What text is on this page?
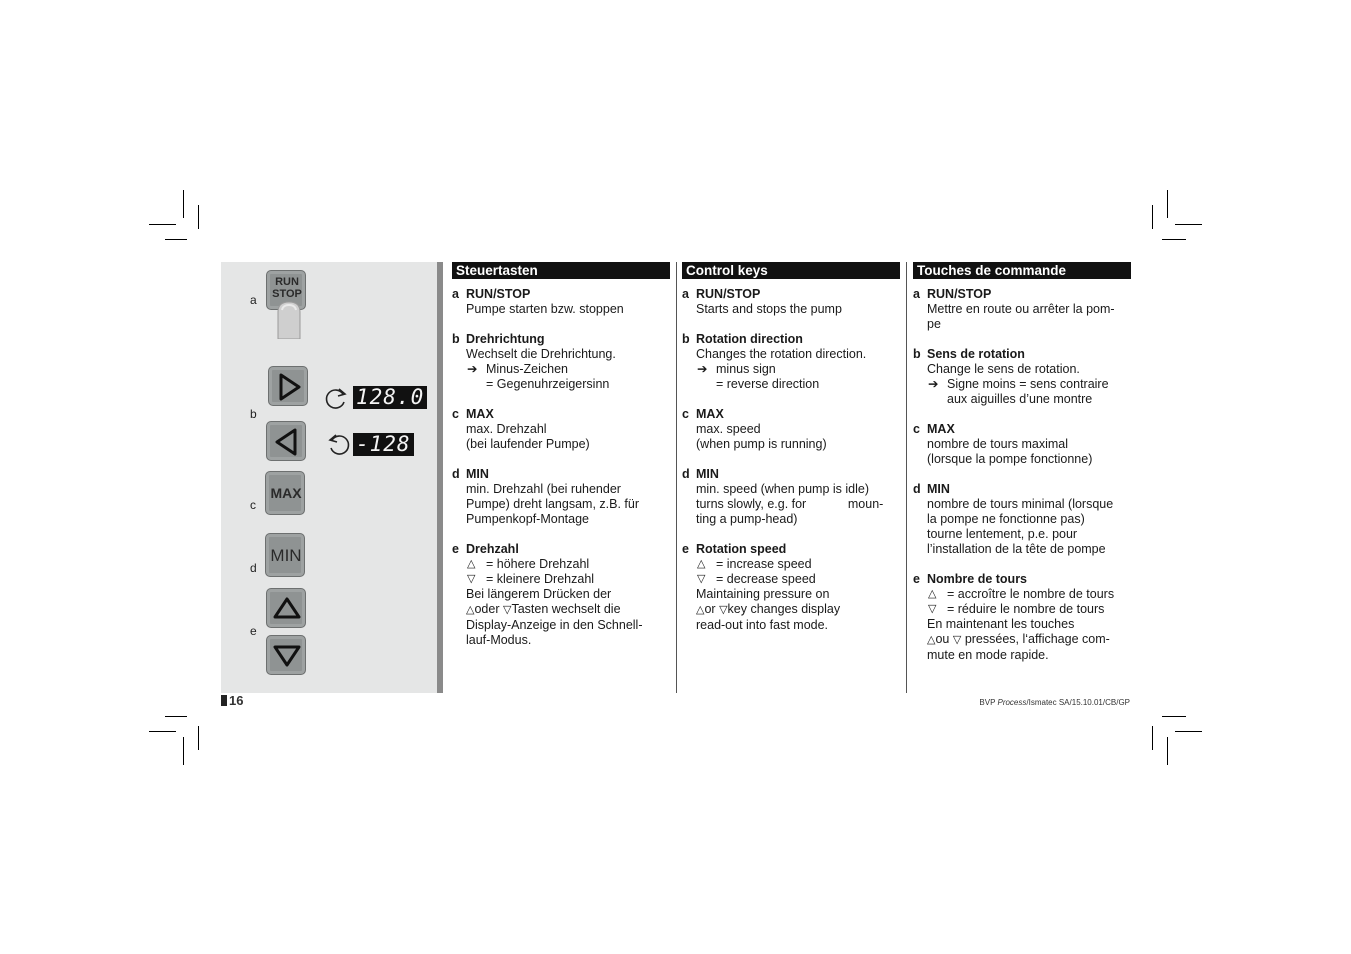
a
b
c
d
e
RUN
STOP
128.0
-128
MAX
MIN
Steuertasten
a RUN/STOP
Pumpe starten bzw. stoppen
b Drehrichtung
Wechselt die Drehrichtung.
➔ Minus-Zeichen
= Gegenuhrzeigersinn
c MAX
max. Drehzahl
(bei laufender Pumpe)
d MIN
min. Drehzahl (bei ruhender
Pumpe) dreht langsam, z.B. für
Pumpenkopf-Montage
e Drehzahl
△ = höhere Drehzahl
▽ = kleinere Drehzahl
Bei längerem Drücken der
△oder ▽Tasten wechselt die
Display-Anzeige in den Schnell-
lauf-Modus.
Control keys
a RUN/STOP
Starts and stops the pump
b Rotation direction
Changes the rotation direction.
➔ minus sign
= reverse direction
c MAX
max. speed
(when pump is running)
d MIN
min. speed (when pump is idle)
turns slowly, e.g. for            moun-
ting a pump-head)
e Rotation speed
△ = increase speed
▽ = decrease speed
Maintaining pressure on
△or ▽key changes display
read-out into fast mode.
Touches de commande
a RUN/STOP
Mettre en route ou arrêter la pom-
pe
b Sens de rotation
Change le sens de rotation.
➔ Signe moins = sens contraire
aux aiguilles d’une montre
c MAX
nombre de tours maximal
(lorsque la pompe fonctionne)
d MIN
nombre de tours minimal (lorsque
la pompe ne fonctionne pas)
tourne lentement, p.e. pour
l’installation de la tête de pompe
e Nombre de tours
△ = accroître le nombre de tours
▽ = réduire le nombre de tours
En maintenant les touches
△ou ▽ pressées, l‘affichage com-
mute en mode rapide.
16	BVP Process/Ismatec SA/15.10.01/CB/GP
